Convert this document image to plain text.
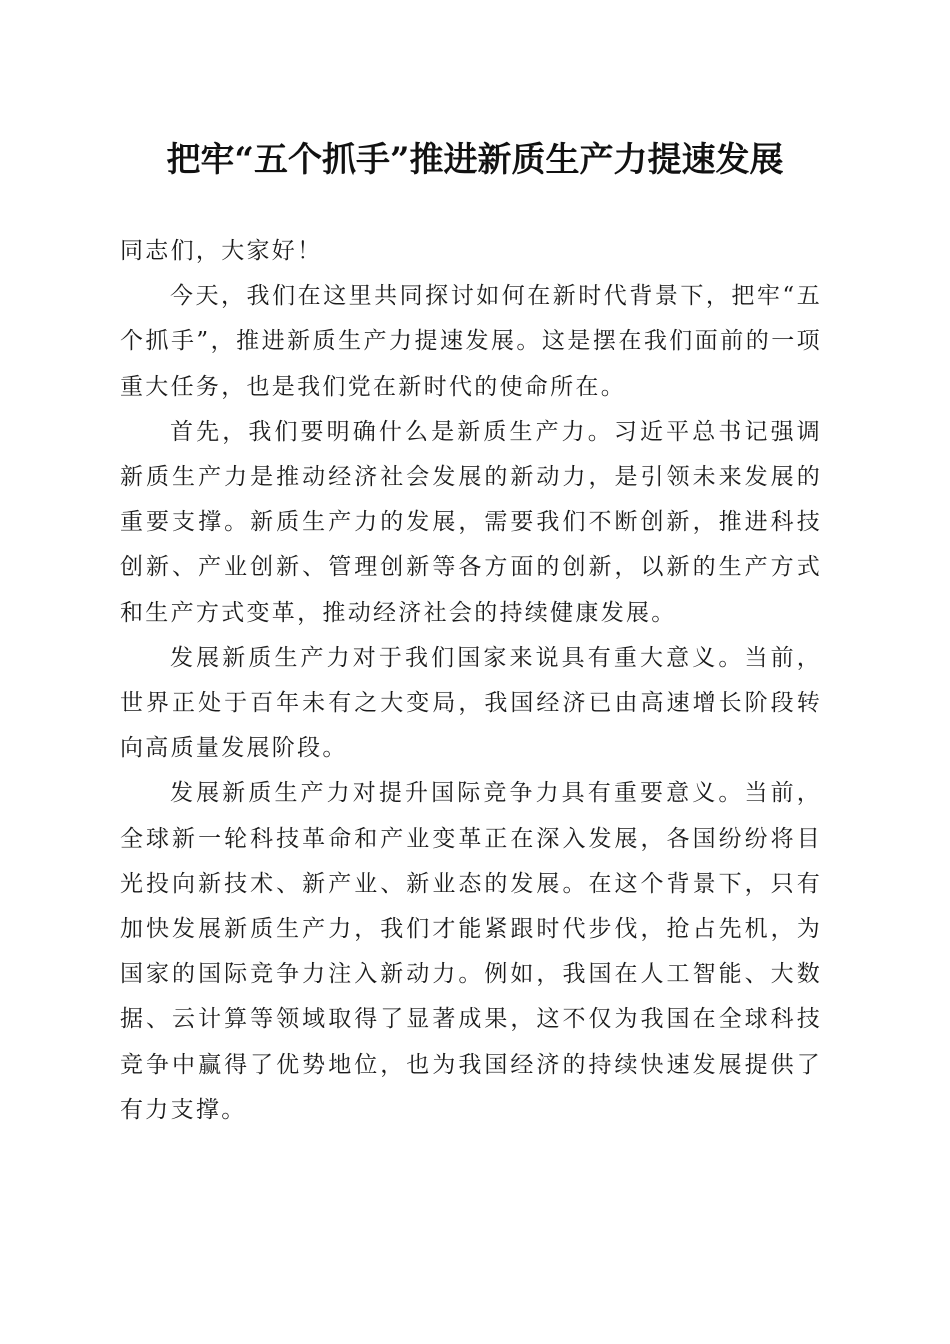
把牢“五个抓手”推进新质生产力提速发展

同志们，大家好！

今天，我们在这里共同探讨如何在新时代背景下，把牢“五个抓手”，推进新质生产力提速发展。这是摆在我们面前的一项重大任务，也是我们党在新时代的使命所在。

首先，我们要明确什么是新质生产力。习近平总书记强调新质生产力是推动经济社会发展的新动力，是引领未来发展的重要支撑。新质生产力的发展，需要我们不断创新，推进科技创新、产业创新、管理创新等各方面的创新，以新的生产方式和生产方式变革，推动经济社会的持续健康发展。

发展新质生产力对于我们国家来说具有重大意义。当前，世界正处于百年未有之大变局，我国经济已由高速增长阶段转向高质量发展阶段。

发展新质生产力对提升国际竞争力具有重要意义。当前，全球新一轮科技革命和产业变革正在深入发展，各国纷纷将目光投向新技术、新产业、新业态的发展。在这个背景下，只有加快发展新质生产力，我们才能紧跟时代步伐，抢占先机，为国家的国际竞争力注入新动力。例如，我国在人工智能、大数据、云计算等领域取得了显著成果，这不仅为我国在全球科技竞争中赢得了优势地位，也为我国经济的持续快速发展提供了有力支撑。
